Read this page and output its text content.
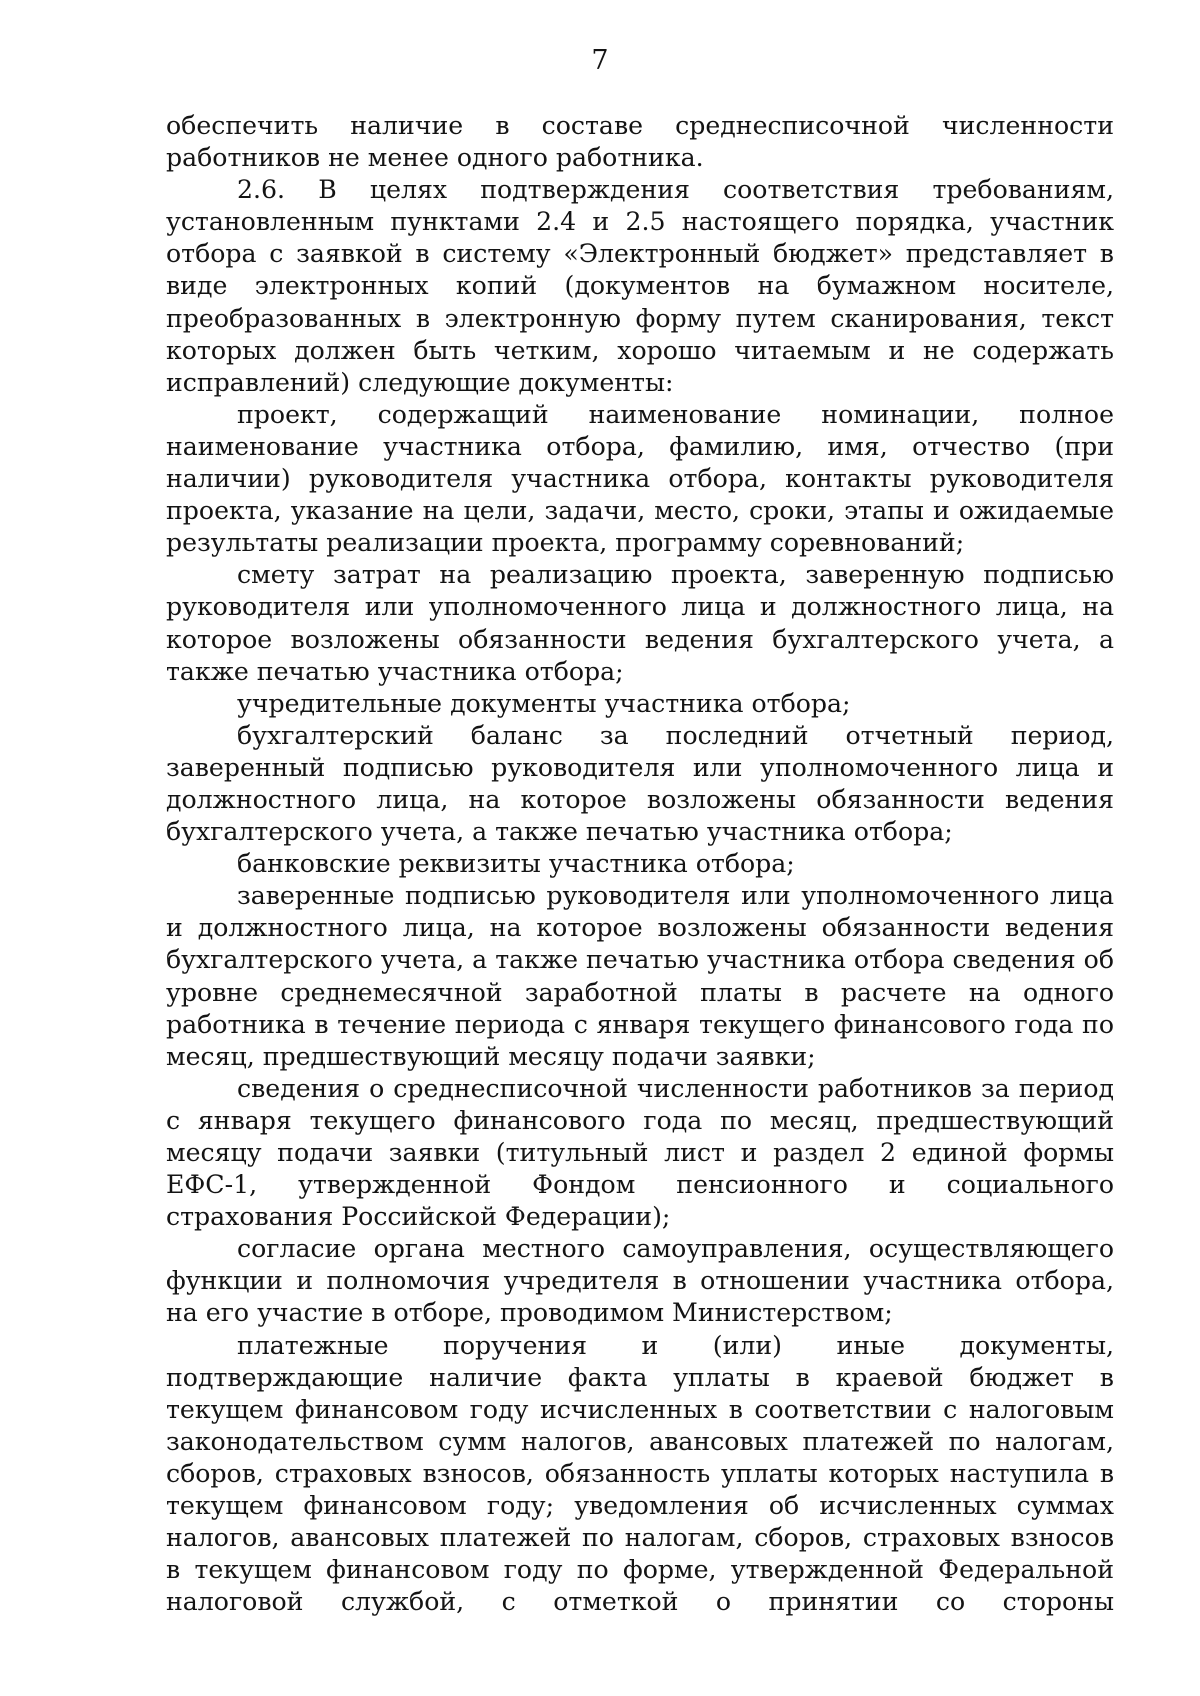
7

обеспечить наличие в составе среднесписочной численности работников не менее одного работника.

2.6. В целях подтверждения соответствия требованиям, установленным пунктами 2.4 и 2.5 настоящего порядка, участник отбора с заявкой в систему «Электронный бюджет» представляет в виде электронных копий (документов на бумажном носителе, преобразованных в электронную форму путем сканирования, текст которых должен быть четким, хорошо читаемым и не содержать исправлений) следующие документы:

проект, содержащий наименование номинации, полное наименование участника отбора, фамилию, имя, отчество (при наличии) руководителя участника отбора, контакты руководителя проекта, указание на цели, задачи, место, сроки, этапы и ожидаемые результаты реализации проекта, программу соревнований;

смету затрат на реализацию проекта, заверенную подписью руководителя или уполномоченного лица и должностного лица, на которое возложены обязанности ведения бухгалтерского учета, а также печатью участника отбора;

учредительные документы участника отбора;

бухгалтерский баланс за последний отчетный период, заверенный подписью руководителя или уполномоченного лица и должностного лица, на которое возложены обязанности ведения бухгалтерского учета, а также печатью участника отбора;

банковские реквизиты участника отбора;

заверенные подписью руководителя или уполномоченного лица и должностного лица, на которое возложены обязанности ведения бухгалтерского учета, а также печатью участника отбора сведения об уровне среднемесячной заработной платы в расчете на одного работника в течение периода с января текущего финансового года по месяц, предшествующий месяцу подачи заявки;

сведения о среднесписочной численности работников за период с января текущего финансового года по месяц, предшествующий месяцу подачи заявки (титульный лист и раздел 2 единой формы ЕФС-1, утвержденной Фондом пенсионного и социального страхования Российской Федерации);

согласие органа местного самоуправления, осуществляющего функции и полномочия учредителя в отношении участника отбора, на его участие в отборе, проводимом Министерством;

платежные поручения и (или) иные документы, подтверждающие наличие факта уплаты в краевой бюджет в текущем финансовом году исчисленных в соответствии с налоговым законодательством сумм налогов, авансовых платежей по налогам, сборов, страховых взносов, обязанность уплаты которых наступила в текущем финансовом году; уведомления об исчисленных суммах налогов, авансовых платежей по налогам, сборов, страховых взносов в текущем финансовом году по форме, утвержденной Федеральной налоговой службой, с отметкой о принятии со стороны
